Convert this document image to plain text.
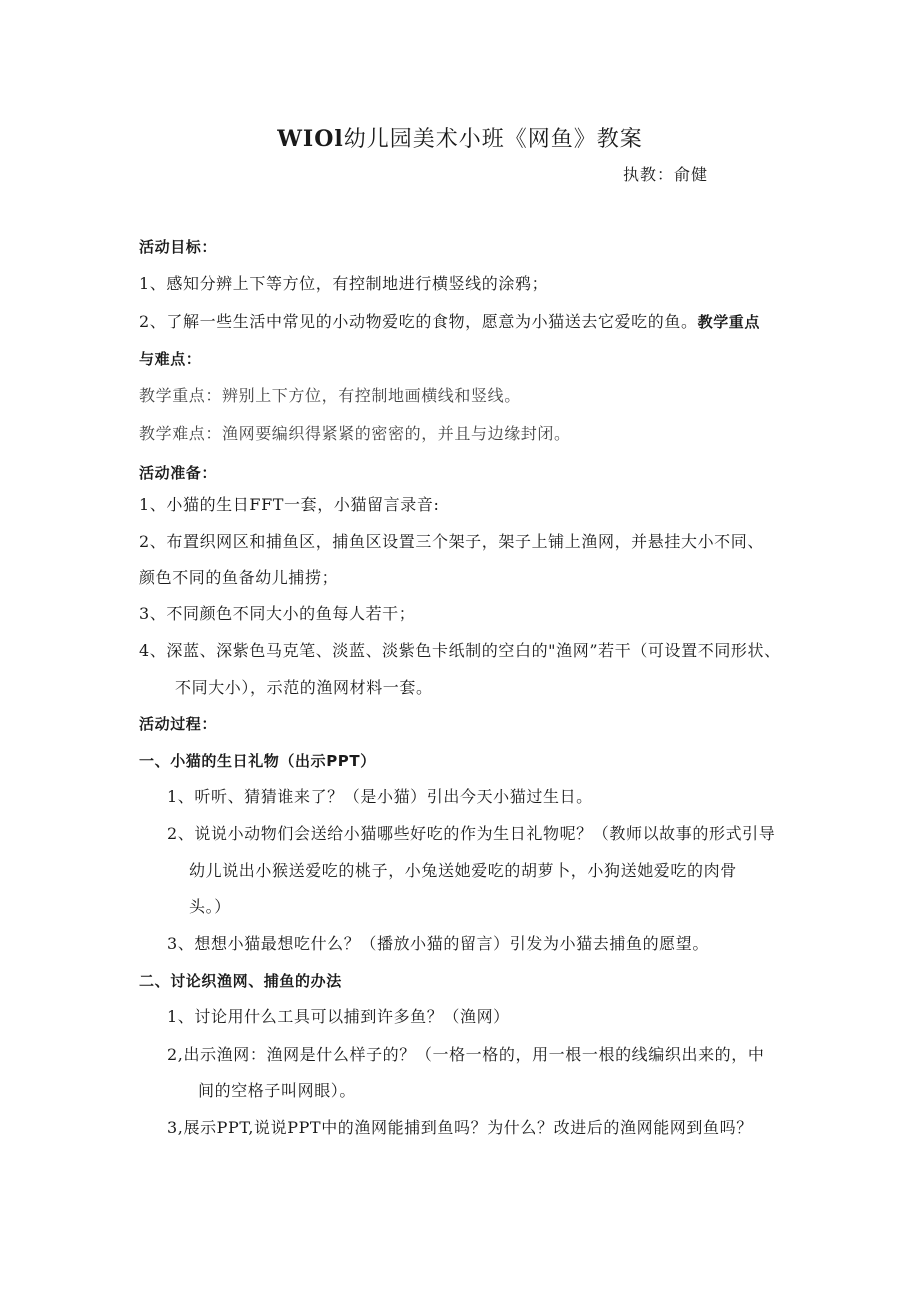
WIOl幼儿园美术小班《网鱼》教案
执教：俞健
活动目标：
1、感知分辨上下等方位，有控制地进行横竖线的涂鸦；
2、了解一些生活中常见的小动物爱吃的食物，愿意为小猫送去它爱吃的鱼。教学重点
与难点：
教学重点：辨别上下方位，有控制地画横线和竖线。
教学难点：渔网要编织得紧紧的密密的，并且与边缘封闭。
活动准备：
1、小猫的生日FFT一套，小猫留言录音:
2、布置织网区和捕鱼区，捕鱼区设置三个架子，架子上铺上渔网，并悬挂大小不同、
颜色不同的鱼备幼儿捕捞；
3、不同颜色不同大小的鱼每人若干；
4、深蓝、深紫色马克笔、淡蓝、淡紫色卡纸制的空白的"渔网”若干（可设置不同形状、
不同大小），示范的渔网材料一套。
活动过程：
一、小猫的生日礼物（出示PPT）
1、听听、猜猜谁来了？（是小猫）引出今天小猫过生日。
2、说说小动物们会送给小猫哪些好吃的作为生日礼物呢？（教师以故事的形式引导
幼儿说出小猴送爱吃的桃子，小兔送她爱吃的胡萝卜，小狗送她爱吃的肉骨
头。）
3、想想小猫最想吃什么？（播放小猫的留言）引发为小猫去捕鱼的愿望。
二、讨论织渔网、捕鱼的办法
1、讨论用什么工具可以捕到许多鱼？（渔网）
2,出示渔网：渔网是什么样子的？（一格一格的，用一根一根的线编织出来的，中
间的空格子叫网眼）。
3,展示PPT,说说PPT中的渔网能捕到鱼吗？为什么？改进后的渔网能网到鱼吗？
